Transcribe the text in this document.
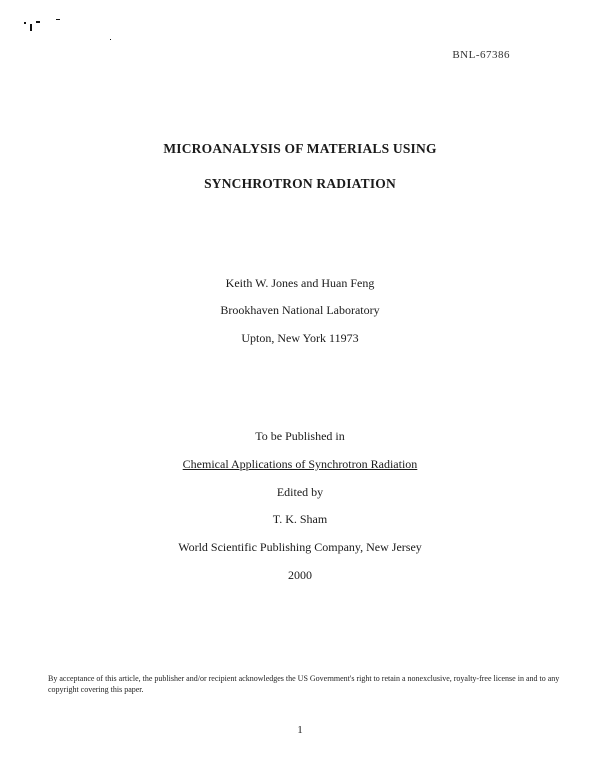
BNL-67386
MICROANALYSIS OF MATERIALS USING
SYNCHROTRON RADIATION
Keith W. Jones and Huan Feng
Brookhaven National Laboratory
Upton, New York 11973
To be Published in
Chemical Applications of Synchrotron Radiation
Edited by
T. K. Sham
World Scientific Publishing Company, New Jersey
2000
By acceptance of this article, the publisher and/or recipient acknowledges the US Government's right to retain a nonexclusive, royalty-free license in and to any copyright covering this paper.
1
